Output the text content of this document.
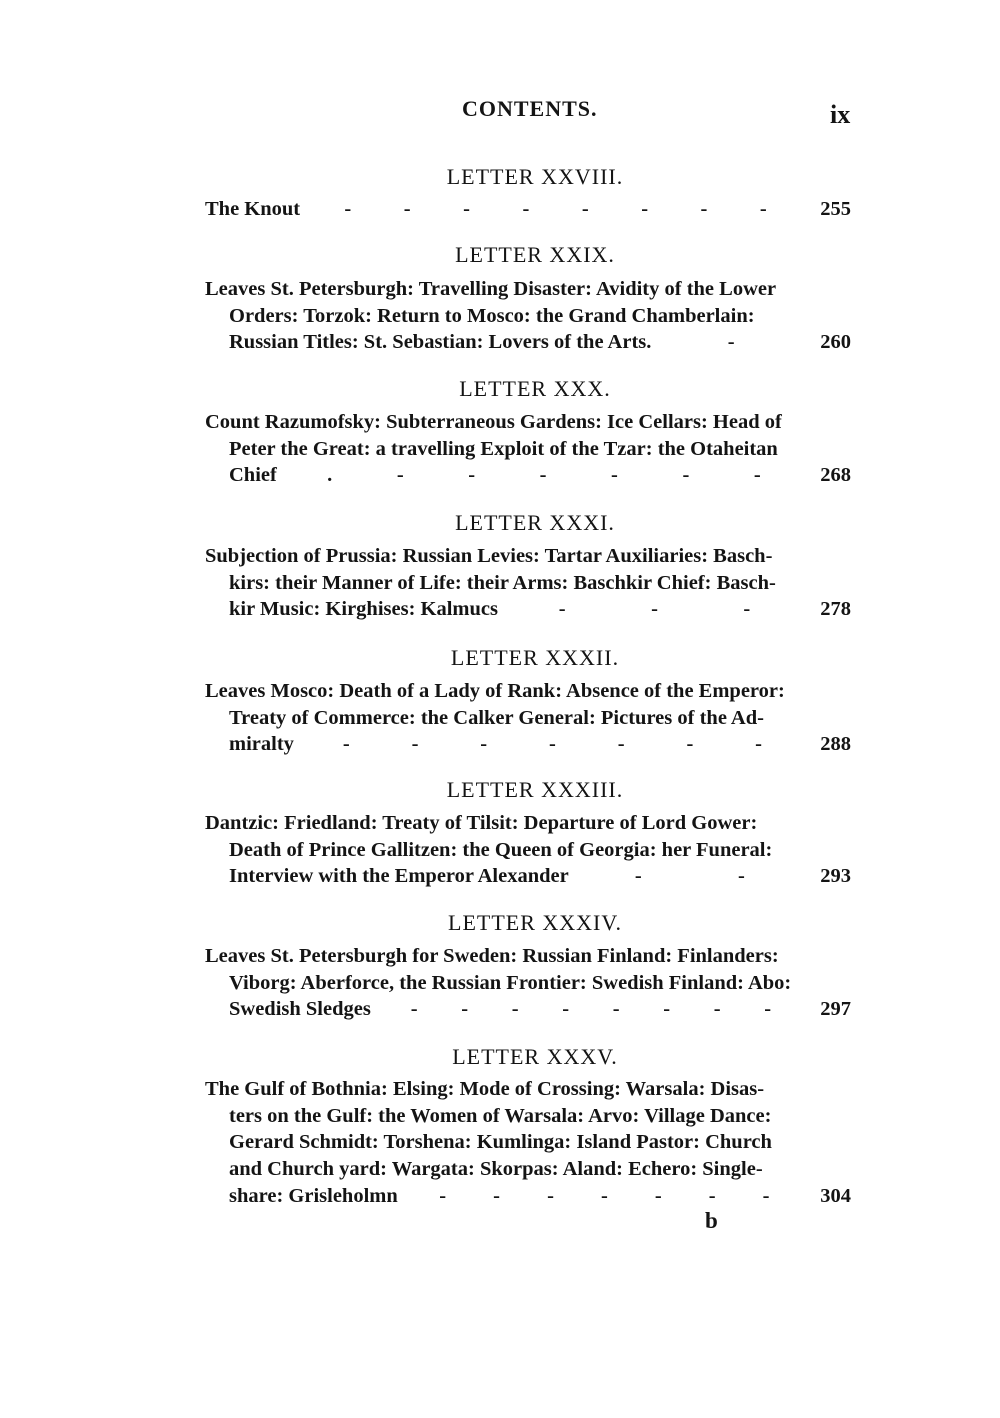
CONTENTS.	ix
LETTER XXVIII.
The Knout -	-	-	-	-	-	-	-	255
LETTER XXIX.
Leaves St. Petersburgh: Travelling Disaster: Avidity of the Lower
Orders: Torzok: Return to Mosco: the Grand Chamberlain:
Russian Titles: St. Sebastian: Lovers of the Arts.	-	260
LETTER XXX.
Count Razumofsky: Subterraneous Gardens: Ice Cellars: Head of
Peter the Great: a travelling Exploit of the Tzar: the Otaheitan
Chief .	-	-	-	-	-	-	268
LETTER XXXI.
Subjection of Prussia: Russian Levies: Tartar Auxiliaries: Basch-
kirs: their Manner of Life: their Arms: Baschkir Chief: Basch-
kir Music: Kirghises: Kalmucs	-	-	-	278
LETTER XXXII.
Leaves Mosco: Death of a Lady of Rank: Absence of the Emperor:
Treaty of Commerce: the Calker General: Pictures of the Ad-
miralty -	-	-	-	-	-	-	288
LETTER XXXIII.
Dantzic: Friedland: Treaty of Tilsit: Departure of Lord Gower:
Death of Prince Gallitzen: the Queen of Georgia: her Funeral:
Interview with the Emperor Alexander	-	-	293
LETTER XXXIV.
Leaves St. Petersburgh for Sweden: Russian Finland: Finlanders:
Viborg: Aberforce, the Russian Frontier: Swedish Finland: Abo:
Swedish Sledges - - - - - - - -	297
LETTER XXXV.
The Gulf of Bothnia: Elsing: Mode of Crossing: Warsala: Disas-
ters on the Gulf: the Women of Warsala: Arvo: Village Dance:
Gerard Schmidt: Torshena: Kumlinga: Island Pastor: Church
and Church yard: Wargata: Skorpas: Aland: Echero: Single-
share: Grisleholmn - - - - - - -	304
b
